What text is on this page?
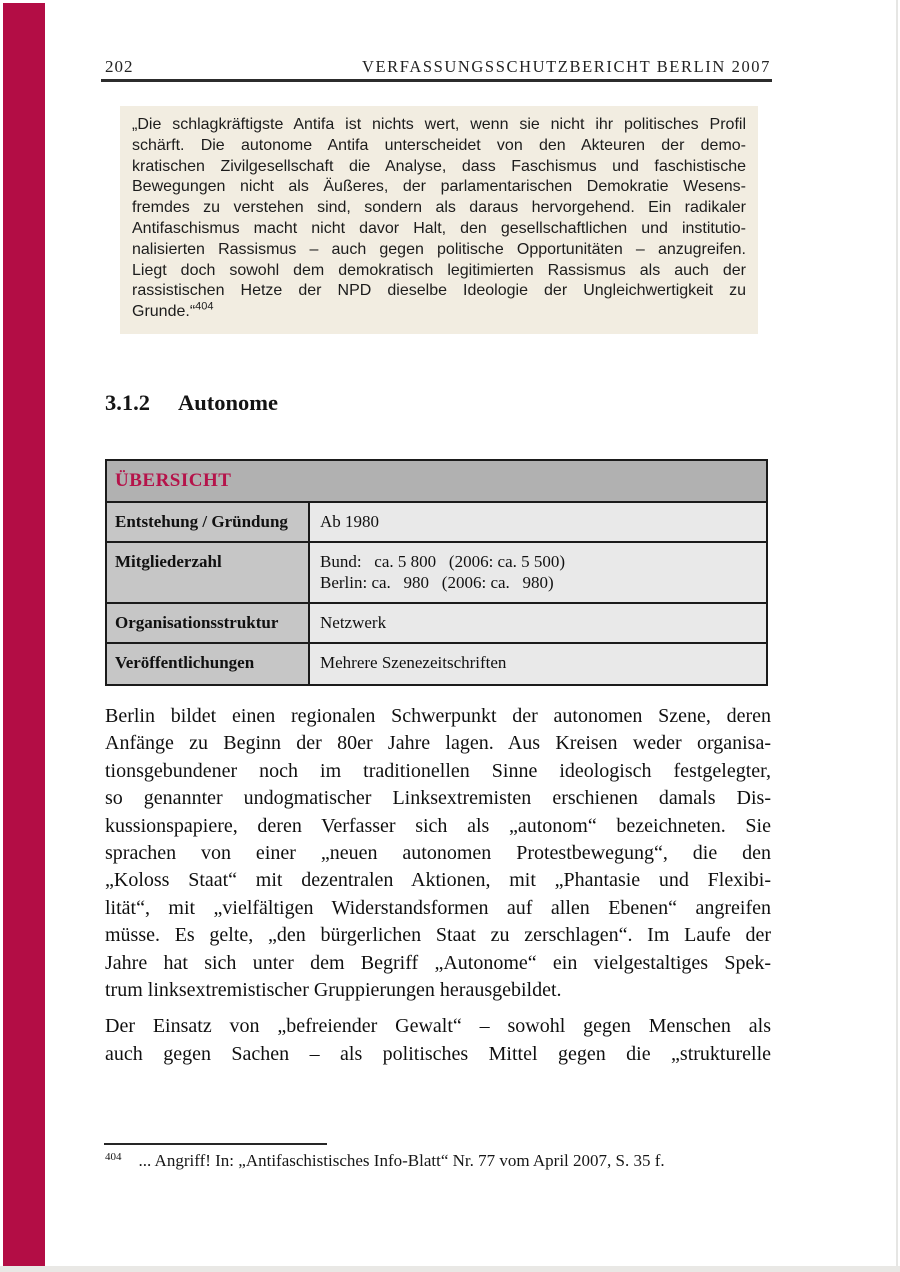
202	VERFASSUNGSSCHUTZBERICHT BERLIN 2007
„Die schlagkräftigste Antifa ist nichts wert, wenn sie nicht ihr politisches Profil
schärft. Die autonome Antifa unterscheidet von den Akteuren der demo-
kratischen Zivilgesellschaft die Analyse, dass Faschismus und faschistische
Bewegungen nicht als Äußeres, der parlamentarischen Demokratie Wesens-
fremdes zu verstehen sind, sondern als daraus hervorgehend. Ein radikaler
Antifaschismus macht nicht davor Halt, den gesellschaftlichen und institutio-
nalisierten Rassismus – auch gegen politische Opportunitäten – anzugreifen.
Liegt doch sowohl dem demokratisch legitimierten Rassismus als auch der
rassistischen Hetze der NPD dieselbe Ideologie der Ungleichwertigkeit zu
Grunde.“$^{404}$
3.1.2 Autonome
ÜBERSICHT
Entstehung / Gründung	Ab 1980
Mitgliederzahl	Bund:   ca. 5 800   (2006: ca. 5 500)
Berlin: ca.   980   (2006: ca.   980)
Organisationsstruktur	Netzwerk
Veröffentlichungen	Mehrere Szenezeitschriften
Berlin bildet einen regionalen Schwerpunkt der autonomen Szene, deren
Anfänge zu Beginn der 80er Jahre lagen. Aus Kreisen weder organisa-
tionsgebundener noch im traditionellen Sinne ideologisch festgelegter,
so genannter undogmatischer Linksextremisten erschienen damals Dis-
kussionspapiere, deren Verfasser sich als „autonom“ bezeichneten. Sie
sprachen von einer „neuen autonomen Protestbewegung“, die den
„Koloss Staat“ mit dezentralen Aktionen, mit „Phantasie und Flexibi-
lität“, mit „vielfältigen Widerstandsformen auf allen Ebenen“ angreifen
müsse. Es gelte, „den bürgerlichen Staat zu zerschlagen“. Im Laufe der
Jahre hat sich unter dem Begriff „Autonome“ ein vielgestaltiges Spek-
trum linksextremistischer Gruppierungen herausgebildet.
Der Einsatz von „befreiender Gewalt“ – sowohl gegen Menschen als
auch gegen Sachen – als politisches Mittel gegen die „strukturelle
$^{404}$ ... Angriff! In: „Antifaschistisches Info-Blatt“ Nr. 77 vom April 2007, S. 35 f.
